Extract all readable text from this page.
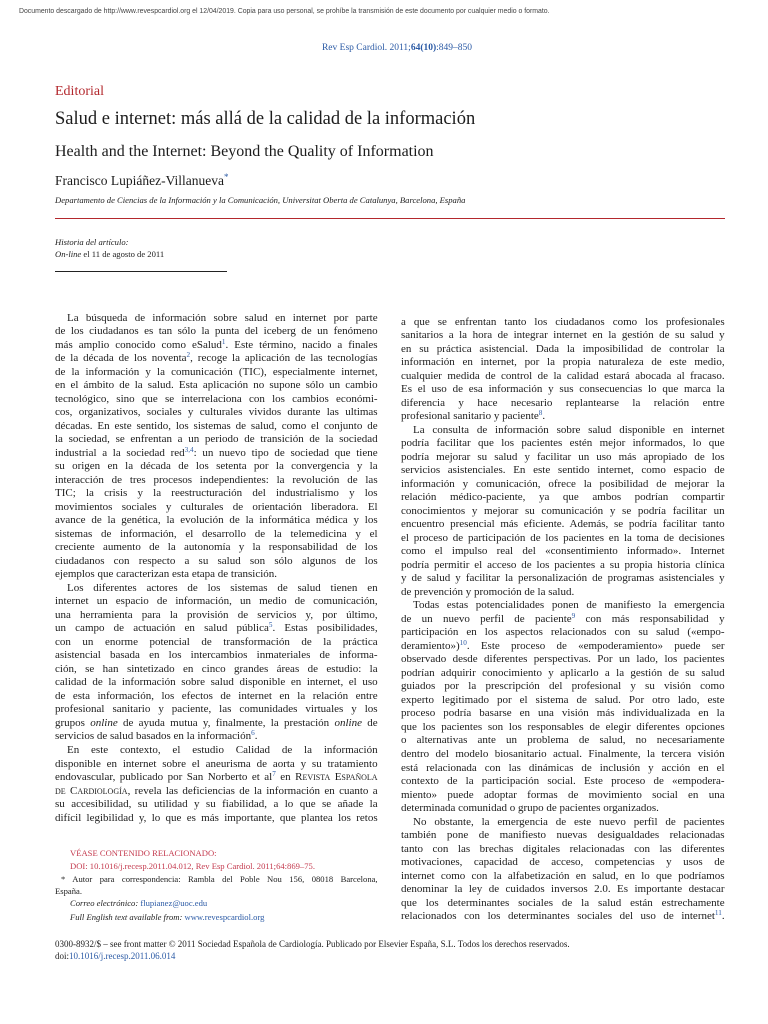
Documento descargado de http://www.revespcardiol.org el 12/04/2019. Copia para uso personal, se prohíbe la transmisión de este documento por cualquier medio o formato.
Rev Esp Cardiol. 2011;64(10):849–850
Editorial
Salud e internet: más allá de la calidad de la información
Health and the Internet: Beyond the Quality of Information
Francisco Lupiáñez-Villanueva*
Departamento de Ciencias de la Información y la Comunicación, Universitat Oberta de Catalunya, Barcelona, España
Historia del artículo:
On-line el 11 de agosto de 2011
La búsqueda de información sobre salud en internet por parte
de los ciudadanos es tan sólo la punta del iceberg de un fenómeno
más amplio conocido como eSalud$^1$. Este término, nacido a finales
de la década de los noventa$^2$, recoge la aplicación de las tecnologías
de la información y la comunicación (TIC), especialmente internet,
en el ámbito de la salud. Esta aplicación no supone sólo un cambio
tecnológico, sino que se interrelaciona con los cambios económi-
cos, organizativos, sociales y culturales vividos durante las ultimas
décadas. En este sentido, los sistemas de salud, como el conjunto de
la sociedad, se enfrentan a un periodo de transición de la sociedad
industrial a la sociedad red$^{3,4}$: un nuevo tipo de sociedad que tiene
su origen en la década de los setenta por la convergencia y la
interacción de tres procesos independientes: la revolución de las
TIC; la crisis y la reestructuración del industrialismo y los
movimientos sociales y culturales de orientación liberadora. El
avance de la genética, la evolución de la informática médica y los
sistemas de información, el desarrollo de la telemedicina y el
creciente aumento de la autonomía y la responsabilidad de los
ciudadanos con respecto a su salud son sólo algunos de los
ejemplos que caracterizan esta etapa de transición.
Los diferentes actores de los sistemas de salud tienen en
internet un espacio de información, un medio de comunicación,
una herramienta para la provisión de servicios y, por último,
un campo de actuación en salud pública$^5$. Estas posibilidades,
con un enorme potencial de transformación de la práctica
asistencial basada en los intercambios inmateriales de informa-
ción, se han sintetizado en cinco grandes áreas de estudio: la
calidad de la información sobre salud disponible en internet, el uso
de esta información, los efectos de internet en la relación entre
profesional sanitario y paciente, las comunidades virtuales y los
grupos online de ayuda mutua y, finalmente, la prestación online de
servicios de salud basados en la información$^6$.
En este contexto, el estudio Calidad de la información
disponible en internet sobre el aneurisma de aorta y su tratamiento
endovascular, publicado por San Norberto et $al^7$ en Revista Española
de Cardiología, revela las deficiencias de la información en cuanto a
su accesibilidad, su utilidad y su fiabilidad, a lo que se añade la
difícil legibilidad y, lo que es más importante, que plantea los retos
a que se enfrentan tanto los ciudadanos como los profesionales
sanitarios a la hora de integrar internet en la gestión de su salud y
en su práctica asistencial. Dada la imposibilidad de controlar la
información en internet, por la propia naturaleza de este medio,
cualquier medida de control de la calidad estará abocada al fracaso.
Es el uso de esa información y sus consecuencias lo que marca la
diferencia y hace necesario replantearse la relación entre
profesional sanitario y paciente$^8$.
La consulta de información sobre salud disponible en internet
podría facilitar que los pacientes estén mejor informados, lo que
podría mejorar su salud y facilitar un uso más apropiado de los
servicios asistenciales. En este sentido internet, como espacio de
información y comunicación, ofrece la posibilidad de mejorar la
relación médico-paciente, ya que ambos podrían compartir
conocimientos y mejorar su comunicación y se podría facilitar un
encuentro presencial más eficiente. Además, se podría facilitar tanto
el proceso de participación de los pacientes en la toma de decisiones
como el impulso real del «consentimiento informado». Internet
podría permitir el acceso de los pacientes a su propia historia clínica
y de salud y facilitar la personalización de programas asistenciales y
de prevención y promoción de la salud.
Todas estas potencialidades ponen de manifiesto la emergencia
de un nuevo perfil de paciente$^9$ con más responsabilidad y
participación en los aspectos relacionados con su salud («empo-
deramiento»)$^{10}$. Este proceso de «empoderamiento» puede ser
observado desde diferentes perspectivas. Por un lado, los pacientes
podrían adquirir conocimiento y aplicarlo a la gestión de su salud
guiados por la prescripción del profesional y su visión como
experto legitimado por el sistema de salud. Por otro lado, este
proceso podría basarse en una visión más individualizada en la
que los pacientes son los responsables de elegir diferentes opciones
o alternativas ante un problema de salud, no necesariamente
dentro del modelo biosanitario actual. Finalmente, la tercera visión
está relacionada con las dinámicas de inclusión y acción en el
contexto de la participación social. Este proceso de «empodera-
miento» puede adoptar formas de movimiento social en una
determinada comunidad o grupo de pacientes organizados.
No obstante, la emergencia de este nuevo perfil de pacientes
también pone de manifiesto nuevas desigualdades relacionadas
tanto con las brechas digitales relacionadas con las diferentes
motivaciones, capacidad de acceso, competencias y usos de
internet como con la alfabetización en salud, en lo que podríamos
denominar la ley de cuidados inversos 2.0. Es importante destacar
que los determinantes sociales de la salud están estrechamente
relacionados con los determinantes sociales del uso de internet$^{11}$.
VÉASE CONTENIDO RELACIONADO:
DOI: 10.1016/j.recesp.2011.04.012, Rev Esp Cardiol. 2011;64:869–75.
* Autor para correspondencia: Rambla del Poble Nou 156, 08018 Barcelona,
España.
Correo electrónico: flupianez@uoc.edu
Full English text available from: www.revespcardiol.org
0300-8932/$ – see front matter © 2011 Sociedad Española de Cardiología. Publicado por Elsevier España, S.L. Todos los derechos reservados.
doi:10.1016/j.recesp.2011.06.014
